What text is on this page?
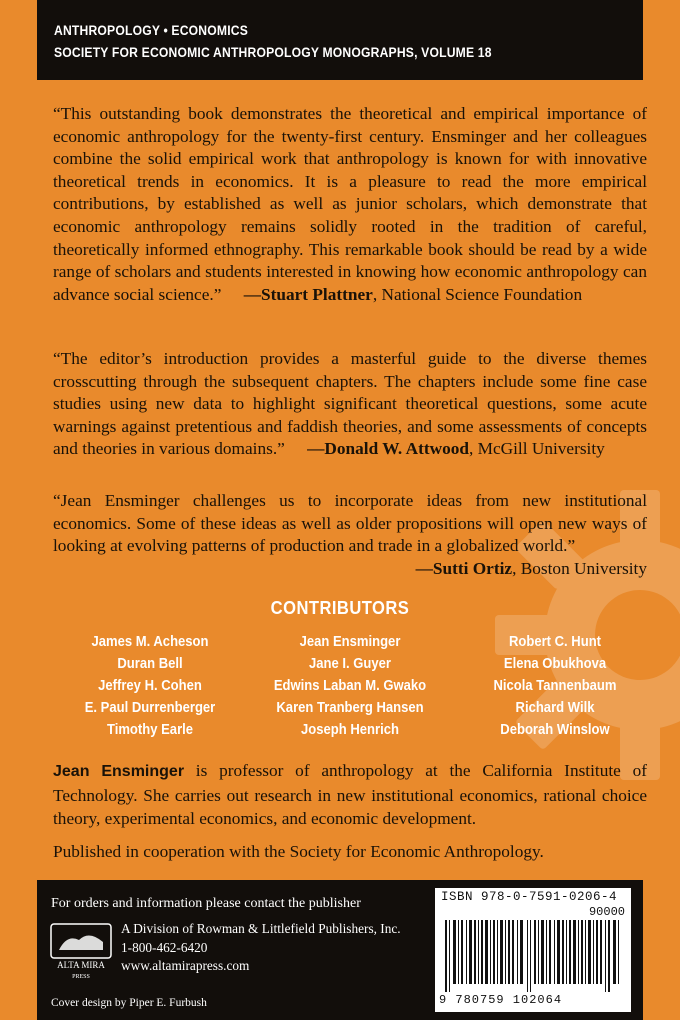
ANTHROPOLOGY • ECONOMICS
SOCIETY FOR ECONOMIC ANTHROPOLOGY MONOGRAPHS, VOLUME 18

“This outstanding book demonstrates the theoretical and empirical importance of economic anthropology for the twenty-first century. Ensminger and her colleagues combine the solid empirical work that anthropology is known for with innovative theoretical trends in economics. It is a pleasure to read the more empirical contributions, by established as well as junior scholars, which demonstrate that economic anthropology remains solidly rooted in the tradition of careful, theoretically informed ethnography. This remarkable book should be read by a wide range of scholars and students interested in knowing how economic anthropology can advance social science.” —Stuart Plattner, National Science Foundation

“The editor’s introduction provides a masterful guide to the diverse themes crosscutting through the subsequent chapters. The chapters include some fine case studies using new data to highlight significant theoretical questions, some acute warnings against pretentious and faddish theories, and some assessments of concepts and theories in various domains.” —Donald W. Attwood, McGill University

“Jean Ensminger challenges us to incorporate ideas from new institutional economics. Some of these ideas as well as older propositions will open new ways of looking at evolving patterns of production and trade in a globalized world.”

—Sutti Ortiz, Boston University
CONTRIBUTORS
James M. Acheson
Duran Bell
Jeffrey H. Cohen
E. Paul Durrenberger
Timothy Earle
Jean Ensminger
Jane I. Guyer
Edwins Laban M. Gwako
Karen Tranberg Hansen
Joseph Henrich
Robert C. Hunt
Elena Obukhova
Nicola Tannenbaum
Richard Wilk
Deborah Winslow
Jean Ensminger is professor of anthropology at the California Institute of Technology. She carries out research in new institutional economics, rational choice theory, experimental economics, and economic development.
Published in cooperation with the Society for Economic Anthropology.
For orders and information please contact the publisher
ALTA MIRA
PRESS
A Division of Rowman & Littlefield Publishers, Inc.
1-800-462-6420
www.altamirapress.com
Cover design by Piper E. Furbush
ISBN 978-0-7591-0206-4
90000
9 780759 102064
